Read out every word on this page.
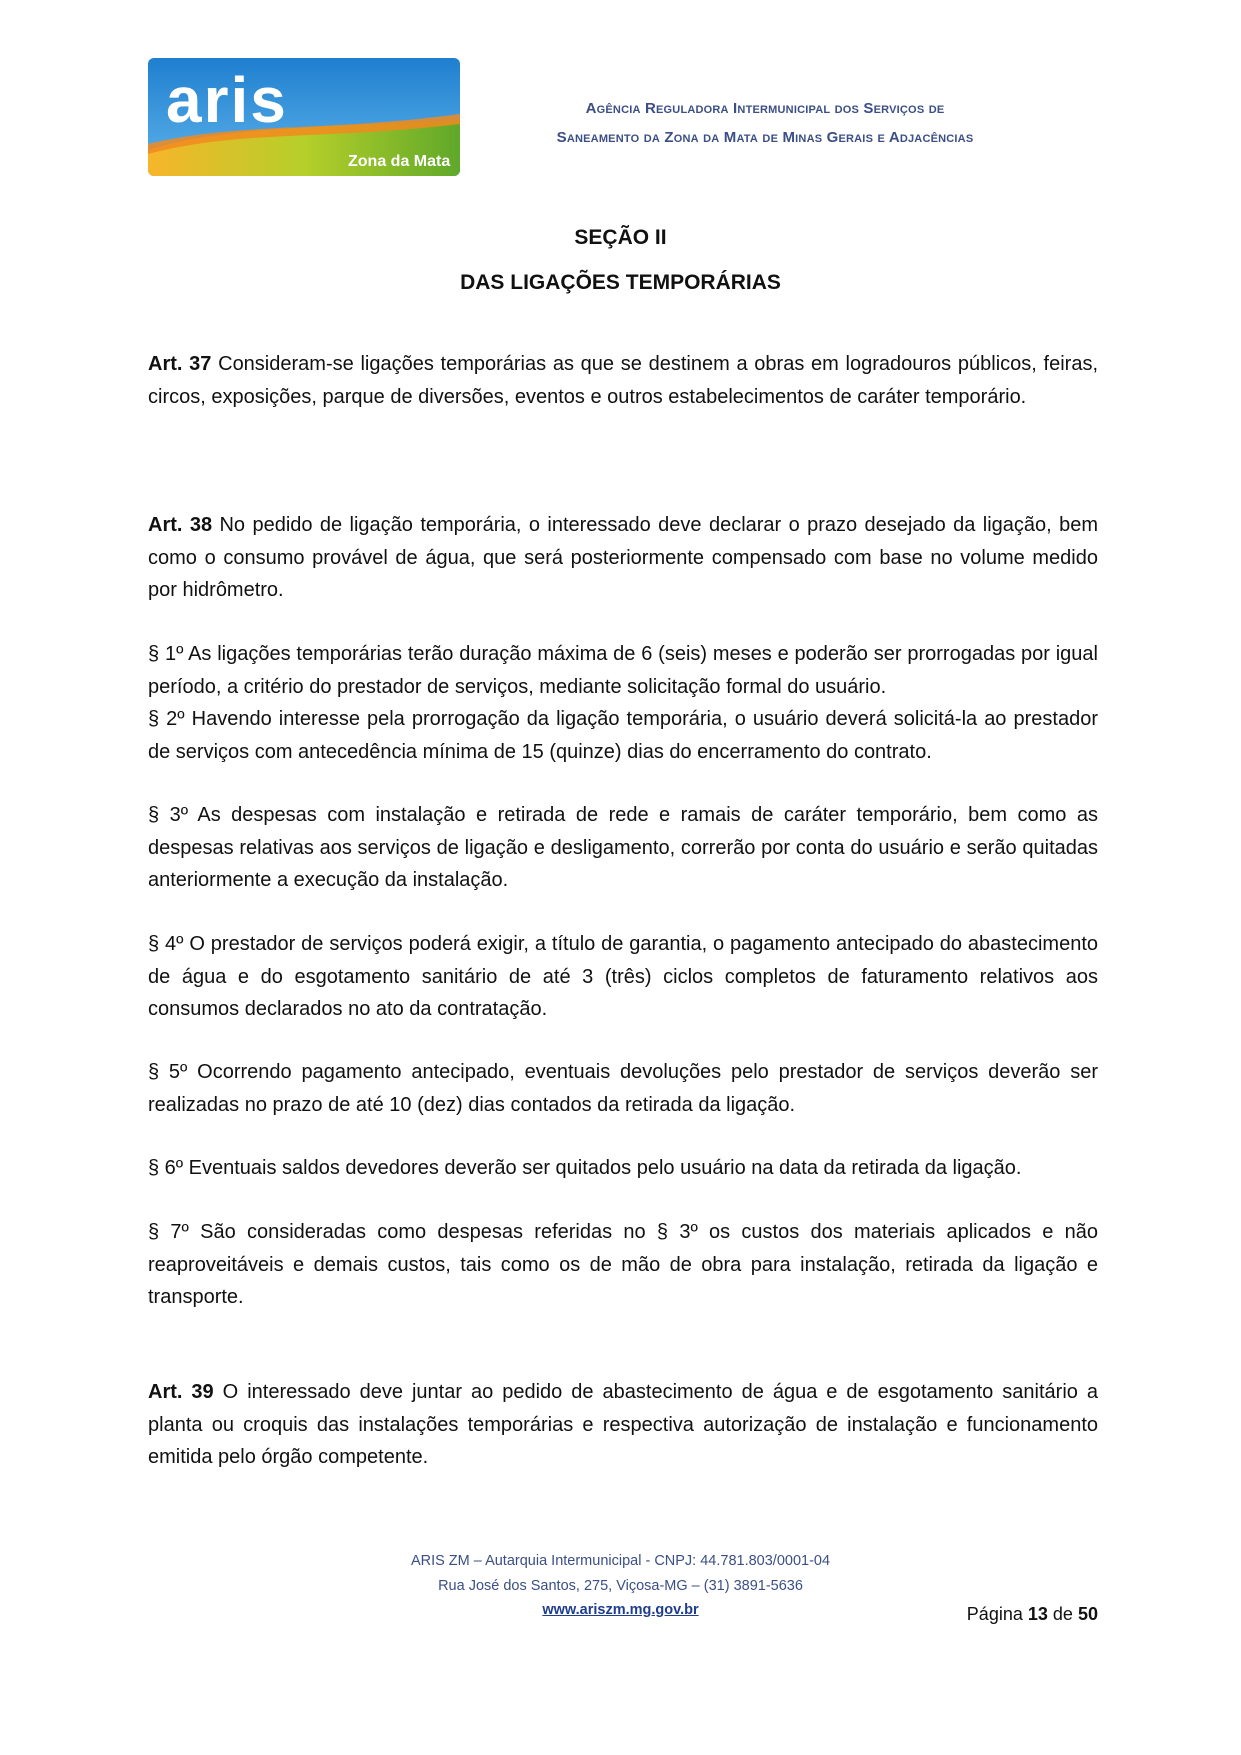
aris
Zona da Mata
Agência Reguladora Intermunicipal dos Serviços de
Saneamento da Zona da Mata de Minas Gerais e Adjacências
SEÇÃO II
DAS LIGAÇÕES TEMPORÁRIAS
Art. 37 Consideram-se ligações temporárias as que se destinem a obras em logradouros públicos, feiras, circos, exposições, parque de diversões, eventos e outros estabelecimentos de caráter temporário.
Art. 38 No pedido de ligação temporária, o interessado deve declarar o prazo desejado da ligação, bem como o consumo provável de água, que será posteriormente compensado com base no volume medido por hidrômetro.
§ 1º As ligações temporárias terão duração máxima de 6 (seis) meses e poderão ser prorrogadas por igual período, a critério do prestador de serviços, mediante solicitação formal do usuário.
§ 2º Havendo interesse pela prorrogação da ligação temporária, o usuário deverá solicitá-la ao prestador de serviços com antecedência mínima de 15 (quinze) dias do encerramento do contrato.
§ 3º As despesas com instalação e retirada de rede e ramais de caráter temporário, bem como as despesas relativas aos serviços de ligação e desligamento, correrão por conta do usuário e serão quitadas anteriormente a execução da instalação.
§ 4º O prestador de serviços poderá exigir, a título de garantia, o pagamento antecipado do abastecimento de água e do esgotamento sanitário de até 3 (três) ciclos completos de faturamento relativos aos consumos declarados no ato da contratação.
§ 5º Ocorrendo pagamento antecipado, eventuais devoluções pelo prestador de serviços deverão ser realizadas no prazo de até 10 (dez) dias contados da retirada da ligação.
§ 6º Eventuais saldos devedores deverão ser quitados pelo usuário na data da retirada da ligação.
§ 7º São consideradas como despesas referidas no § 3º os custos dos materiais aplicados e não reaproveitáveis e demais custos, tais como os de mão de obra para instalação, retirada da ligação e transporte.
Art. 39 O interessado deve juntar ao pedido de abastecimento de água e de esgotamento sanitário a planta ou croquis das instalações temporárias e respectiva autorização de instalação e funcionamento emitida pelo órgão competente.
ARIS ZM – Autarquia Intermunicipal - CNPJ: 44.781.803/0001-04
Rua José dos Santos, 275, Viçosa-MG – (31) 3891-5636
www.ariszm.mg.gov.br	Página 13 de 50
